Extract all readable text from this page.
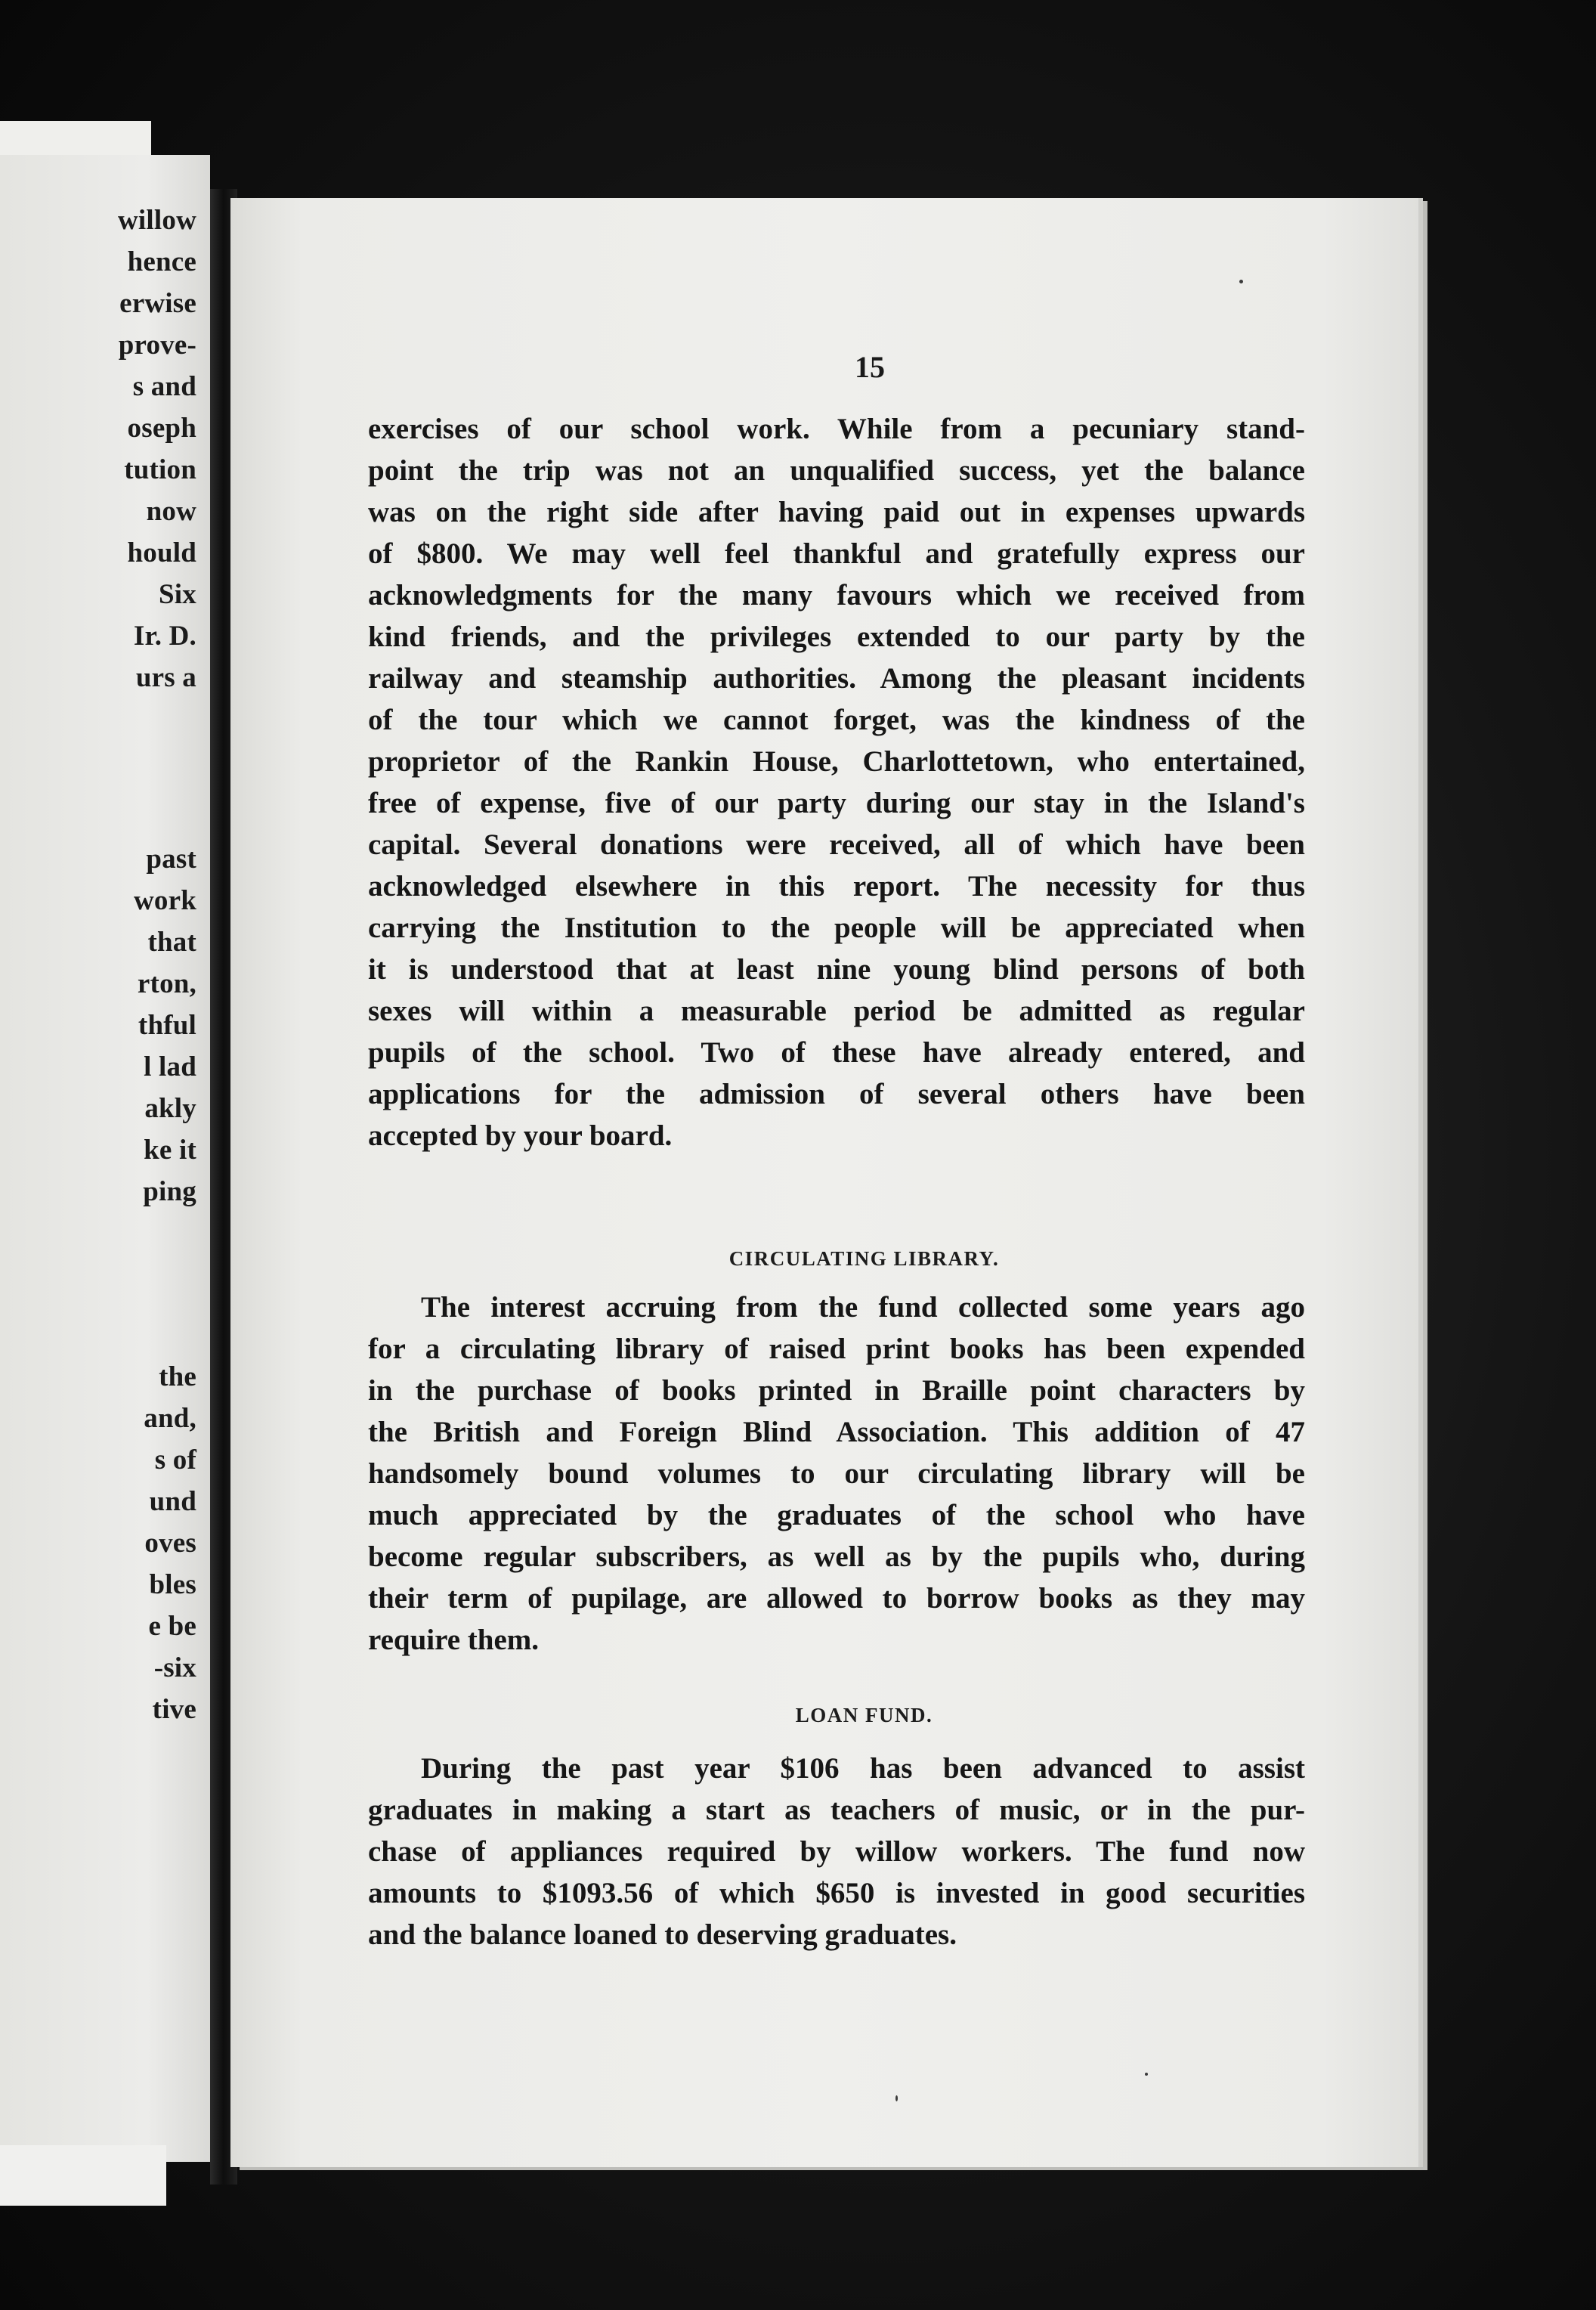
willow
hence
erwise
prove-
s and
oseph
tution
now
hould
Six
Ir. D.
urs a
past
work
that
rton,
thful
l lad
akly
ke it
ping
the
and,
s of
und
oves
bles
e be
-six
tive
15
exercises of our school work. While from a pecuniary stand-
point the trip was not an unqualified success, yet the balance
was on the right side after having paid out in expenses upwards
of $800. We may well feel thankful and gratefully express our
acknowledgments for the many favours which we received from
kind friends, and the privileges extended to our party by the
railway and steamship authorities. Among the pleasant incidents
of the tour which we cannot forget, was the kindness of the
proprietor of the Rankin House, Charlottetown, who entertained,
free of expense, five of our party during our stay in the Island's
capital. Several donations were received, all of which have been
acknowledged elsewhere in this report. The necessity for thus
carrying the Institution to the people will be appreciated when
it is understood that at least nine young blind persons of both
sexes will within a measurable period be admitted as regular
pupils of the school. Two of these have already entered, and
applications for the admission of several others have been
accepted by your board.
CIRCULATING LIBRARY.
The interest accruing from the fund collected some years ago
for a circulating library of raised print books has been expended
in the purchase of books printed in Braille point characters by
the British and Foreign Blind Association. This addition of 47
handsomely bound volumes to our circulating library will be
much appreciated by the graduates of the school who have
become regular subscribers, as well as by the pupils who, during
their term of pupilage, are allowed to borrow books as they may
require them.
LOAN FUND.
During the past year $106 has been advanced to assist
graduates in making a start as teachers of music, or in the pur-
chase of appliances required by willow workers. The fund now
amounts to $1093.56 of which $650 is invested in good securities
and the balance loaned to deserving graduates.
